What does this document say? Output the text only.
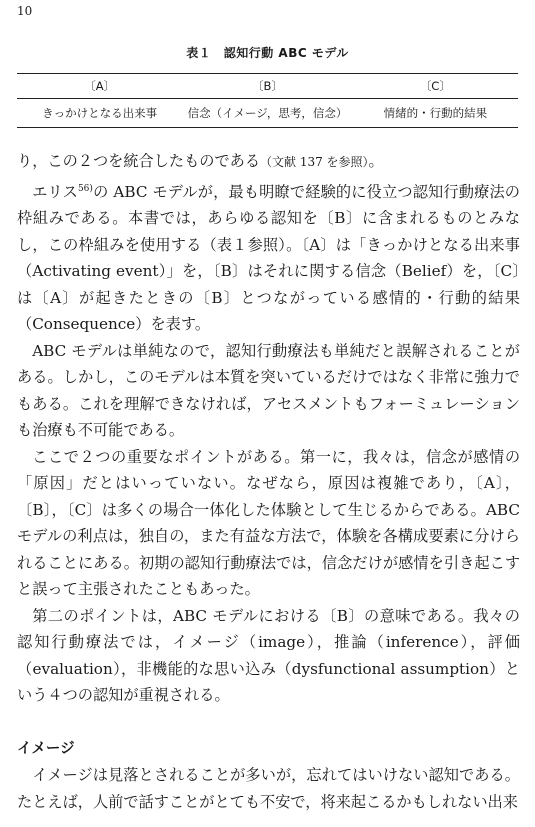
10
表１　認知行動 ABC モデル
〔A〕	〔B〕	〔C〕
きっかけとなる出来事	信念（イメージ，思考，信念）	情緒的・行動的結果

り，この２つを統合したものである（文献 137 を参照）。

エリス$^{56)}$の ABC モデルが，最も明瞭で経験的に役立つ認知行動療法の枠組みである。本書では，あらゆる認知を〔B〕に含まれるものとみなし，この枠組みを使用する（表１参照）。〔A〕は「きっかけとなる出来事（Activating event）」を，〔B〕はそれに関する信念（Belief）を，〔C〕は〔A〕が起きたときの〔B〕とつながっている感情的・行動的結果（Consequence）を表す。

ABC モデルは単純なので，認知行動療法も単純だと誤解されることがある。しかし，このモデルは本質を突いているだけではなく非常に強力でもある。これを理解できなければ，アセスメントもフォーミュレーションも治療も不可能である。

ここで２つの重要なポイントがある。第一に，我々は，信念が感情の「原因」だとはいっていない。なぜなら，原因は複雑であり，〔A〕，〔B〕，〔C〕は多くの場合一体化した体験として生じるからである。ABC モデルの利点は，独自の，また有益な方法で，体験を各構成要素に分けられることにある。初期の認知行動療法では，信念だけが感情を引き起こすと誤って主張されたこともあった。

第二のポイントは，ABC モデルにおける〔B〕の意味である。我々の認知行動療法では，イメージ（image），推論（inference），評価（evaluation），非機能的な思い込み（dysfunctional assumption）という４つの認知が重視される。

イメージ

イメージは見落とされることが多いが，忘れてはいけない認知である。たとえば，人前で話すことがとても不安で，将来起こるかもしれない出来
